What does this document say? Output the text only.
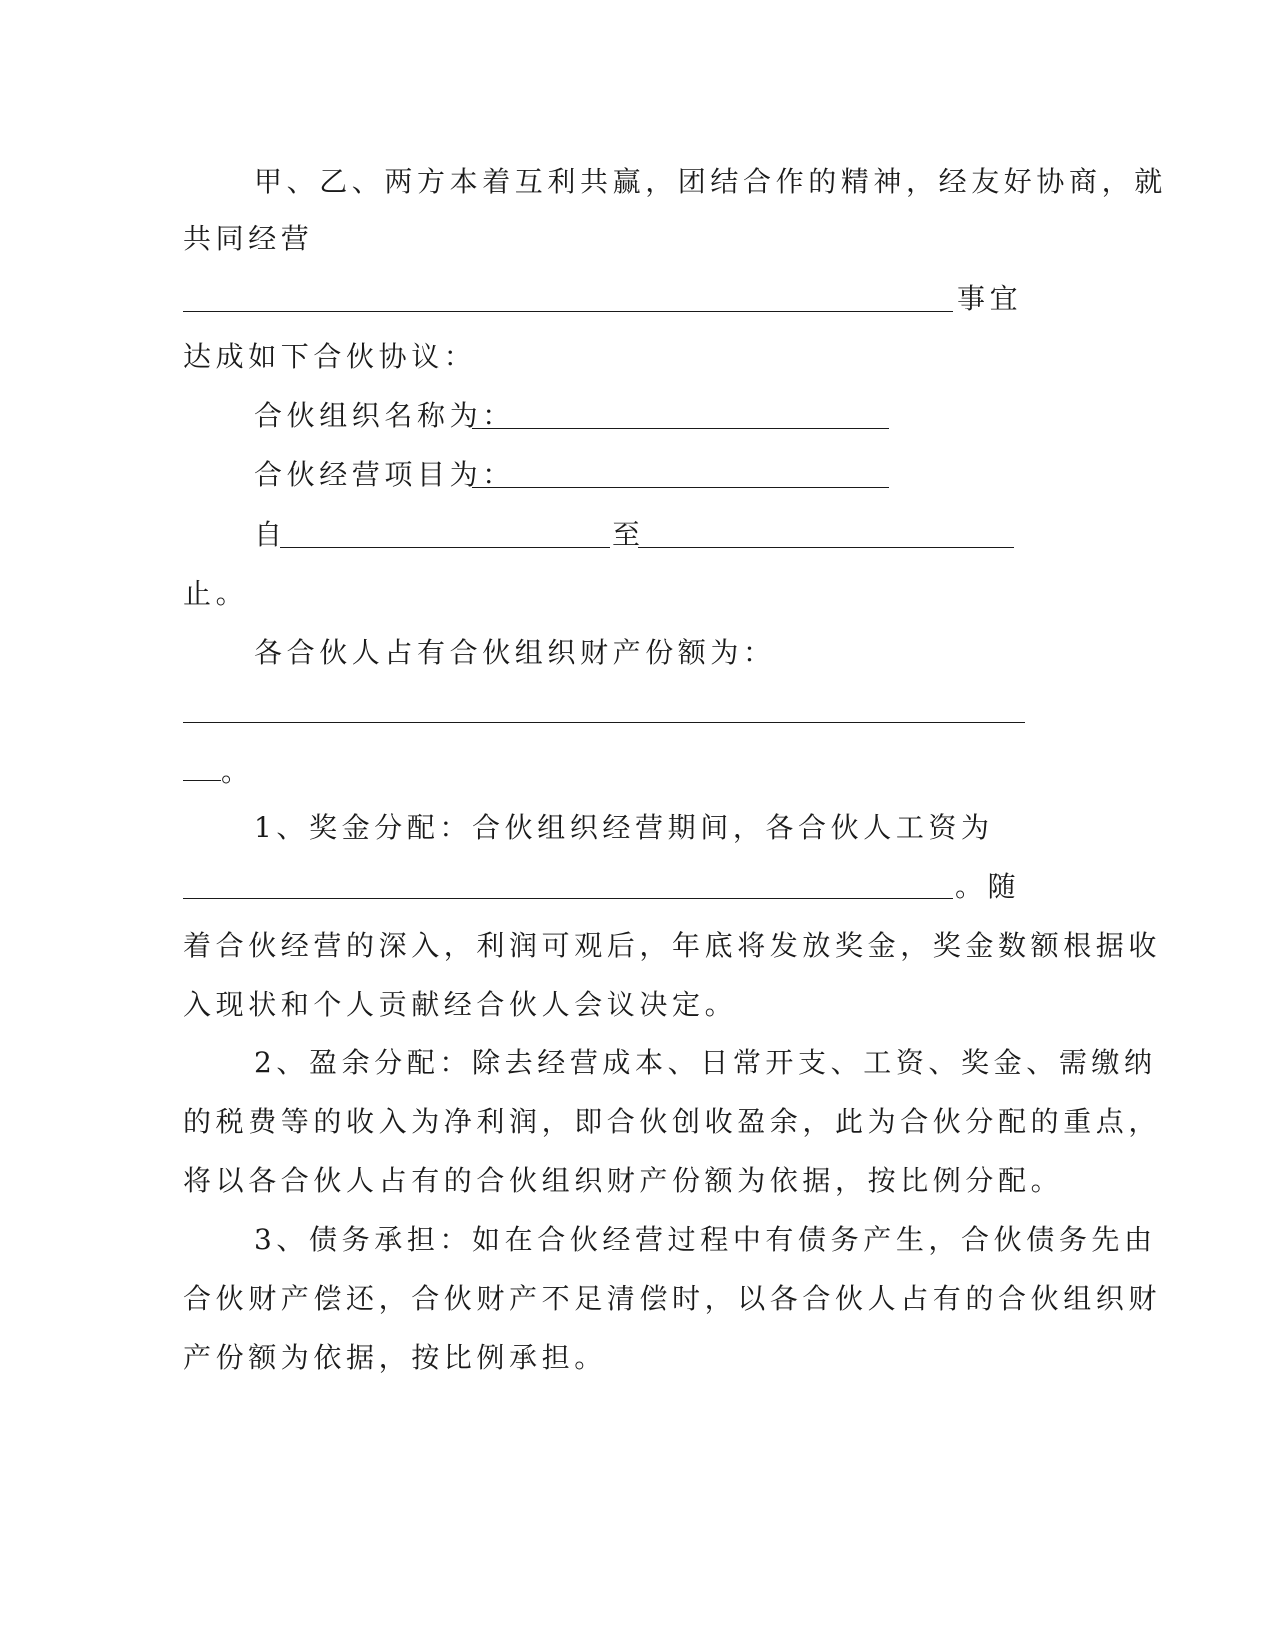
甲、乙、两方本着互利共赢，团结合作的精神，经友好协商，就
共同经营
事宜
达成如下合伙协议：
合伙组织名称为：
合伙经营项目为：
自	至
止。
各合伙人占有合伙组织财产份额为：
。
1、奖金分配：合伙组织经营期间，各合伙人工资为
。随
着合伙经营的深入，利润可观后，年底将发放奖金，奖金数额根据收
入现状和个人贡献经合伙人会议决定。
2、盈余分配：除去经营成本、日常开支、工资、奖金、需缴纳
的税费等的收入为净利润，即合伙创收盈余，此为合伙分配的重点，
将以各合伙人占有的合伙组织财产份额为依据，按比例分配。
3、债务承担：如在合伙经营过程中有债务产生，合伙债务先由
合伙财产偿还，合伙财产不足清偿时，以各合伙人占有的合伙组织财
产份额为依据，按比例承担。
